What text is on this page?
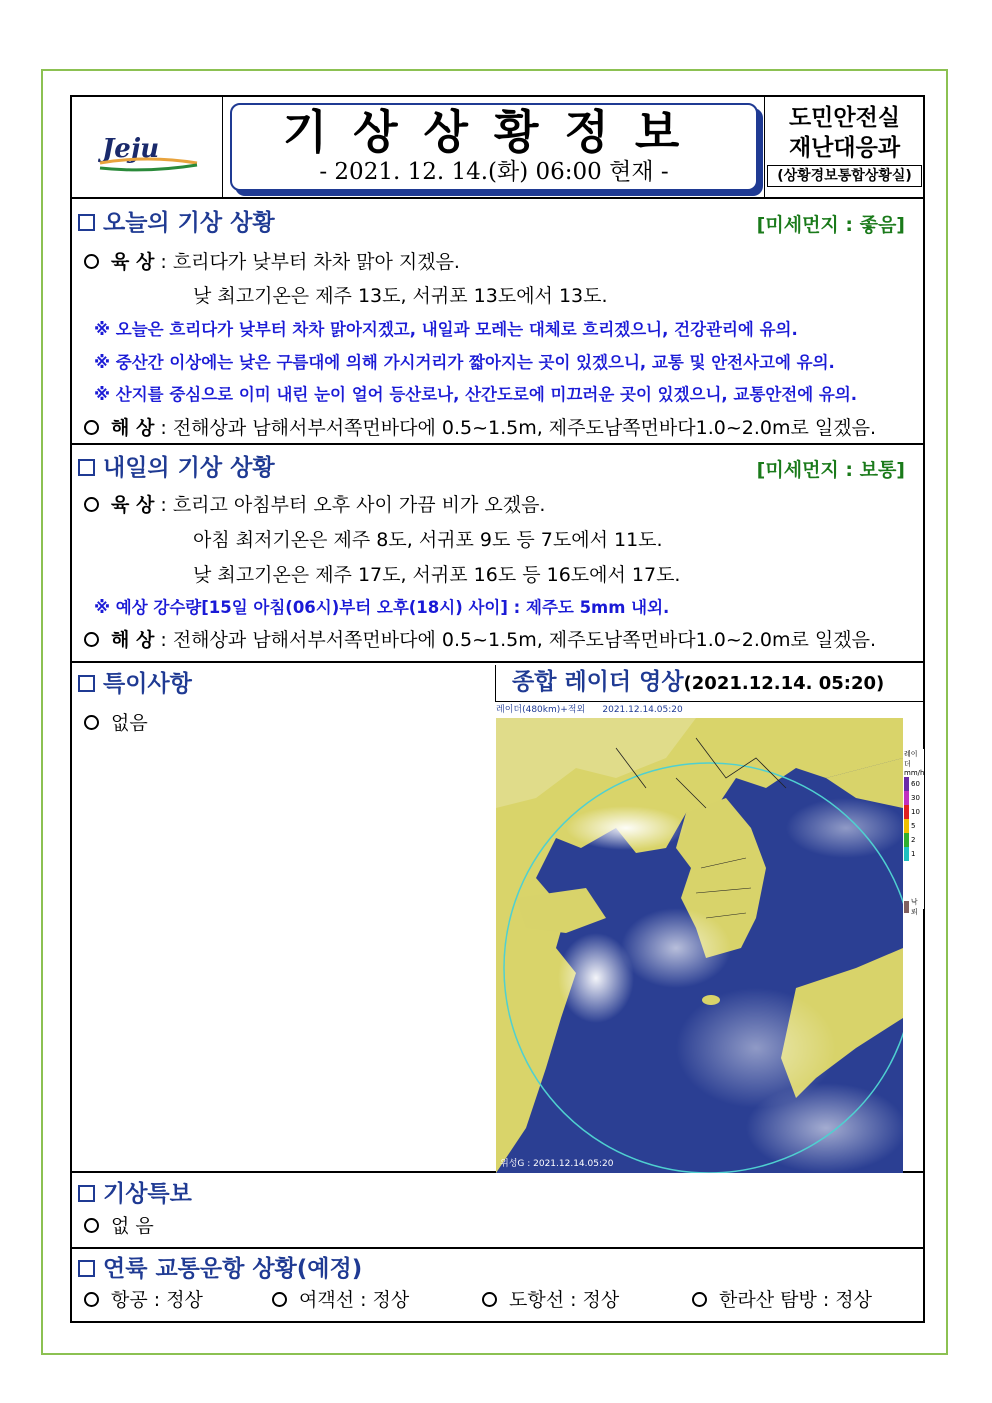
Jeju	기상상황정보
- 2021. 12. 14.(화) 06:00 현재 -
도민안전실
재난대응과
(상황경보통합상황실)
오늘의 기상 상황	[미세먼지 : 좋음]
육 상 : 흐리다가 낮부터 차차 맑아 지겠음.
낮 최고기온은 제주 13도, 서귀포 13도에서 13도.
※ 오늘은 흐리다가 낮부터 차차 맑아지겠고, 내일과 모레는 대체로 흐리겠으니, 건강관리에 유의.
※ 중산간 이상에는 낮은 구름대에 의해 가시거리가 짧아지는 곳이 있겠으니, 교통 및 안전사고에 유의.
※ 산지를 중심으로 이미 내린 눈이 얼어 등산로나, 산간도로에 미끄러운 곳이 있겠으니, 교통안전에 유의.
해 상 : 전해상과 남해서부서쪽먼바다에 0.5~1.5m, 제주도남쪽먼바다1.0~2.0m로 일겠음.
내일의 기상 상황	[미세먼지 : 보통]
육 상 : 흐리고 아침부터 오후 사이 가끔 비가 오겠음.
아침 최저기온은 제주 8도, 서귀포 9도 등 7도에서 11도.
낮 최고기온은 제주 17도, 서귀포 16도 등 16도에서 17도.
※ 예상 강수량[15일 아침(06시)부터 오후(18시) 사이] : 제주도 5mm 내외.
해 상 : 전해상과 남해서부서쪽먼바다에 0.5~1.5m, 제주도남쪽먼바다1.0~2.0m로 일겠음.
특이사항
없음
종합 레이더 영상(2021.12.14. 05:20)
레이더(480km)+적외 2021.12.14.05:20
위성G : 2021.12.14.05:20
레이더
mm/h
60
30
10
5
2
1
낙뢰
기상특보
없 음
연륙 교통운항 상황(예정)
항공 : 정상	여객선 : 정상	도항선 : 정상	한라산 탐방 : 정상
